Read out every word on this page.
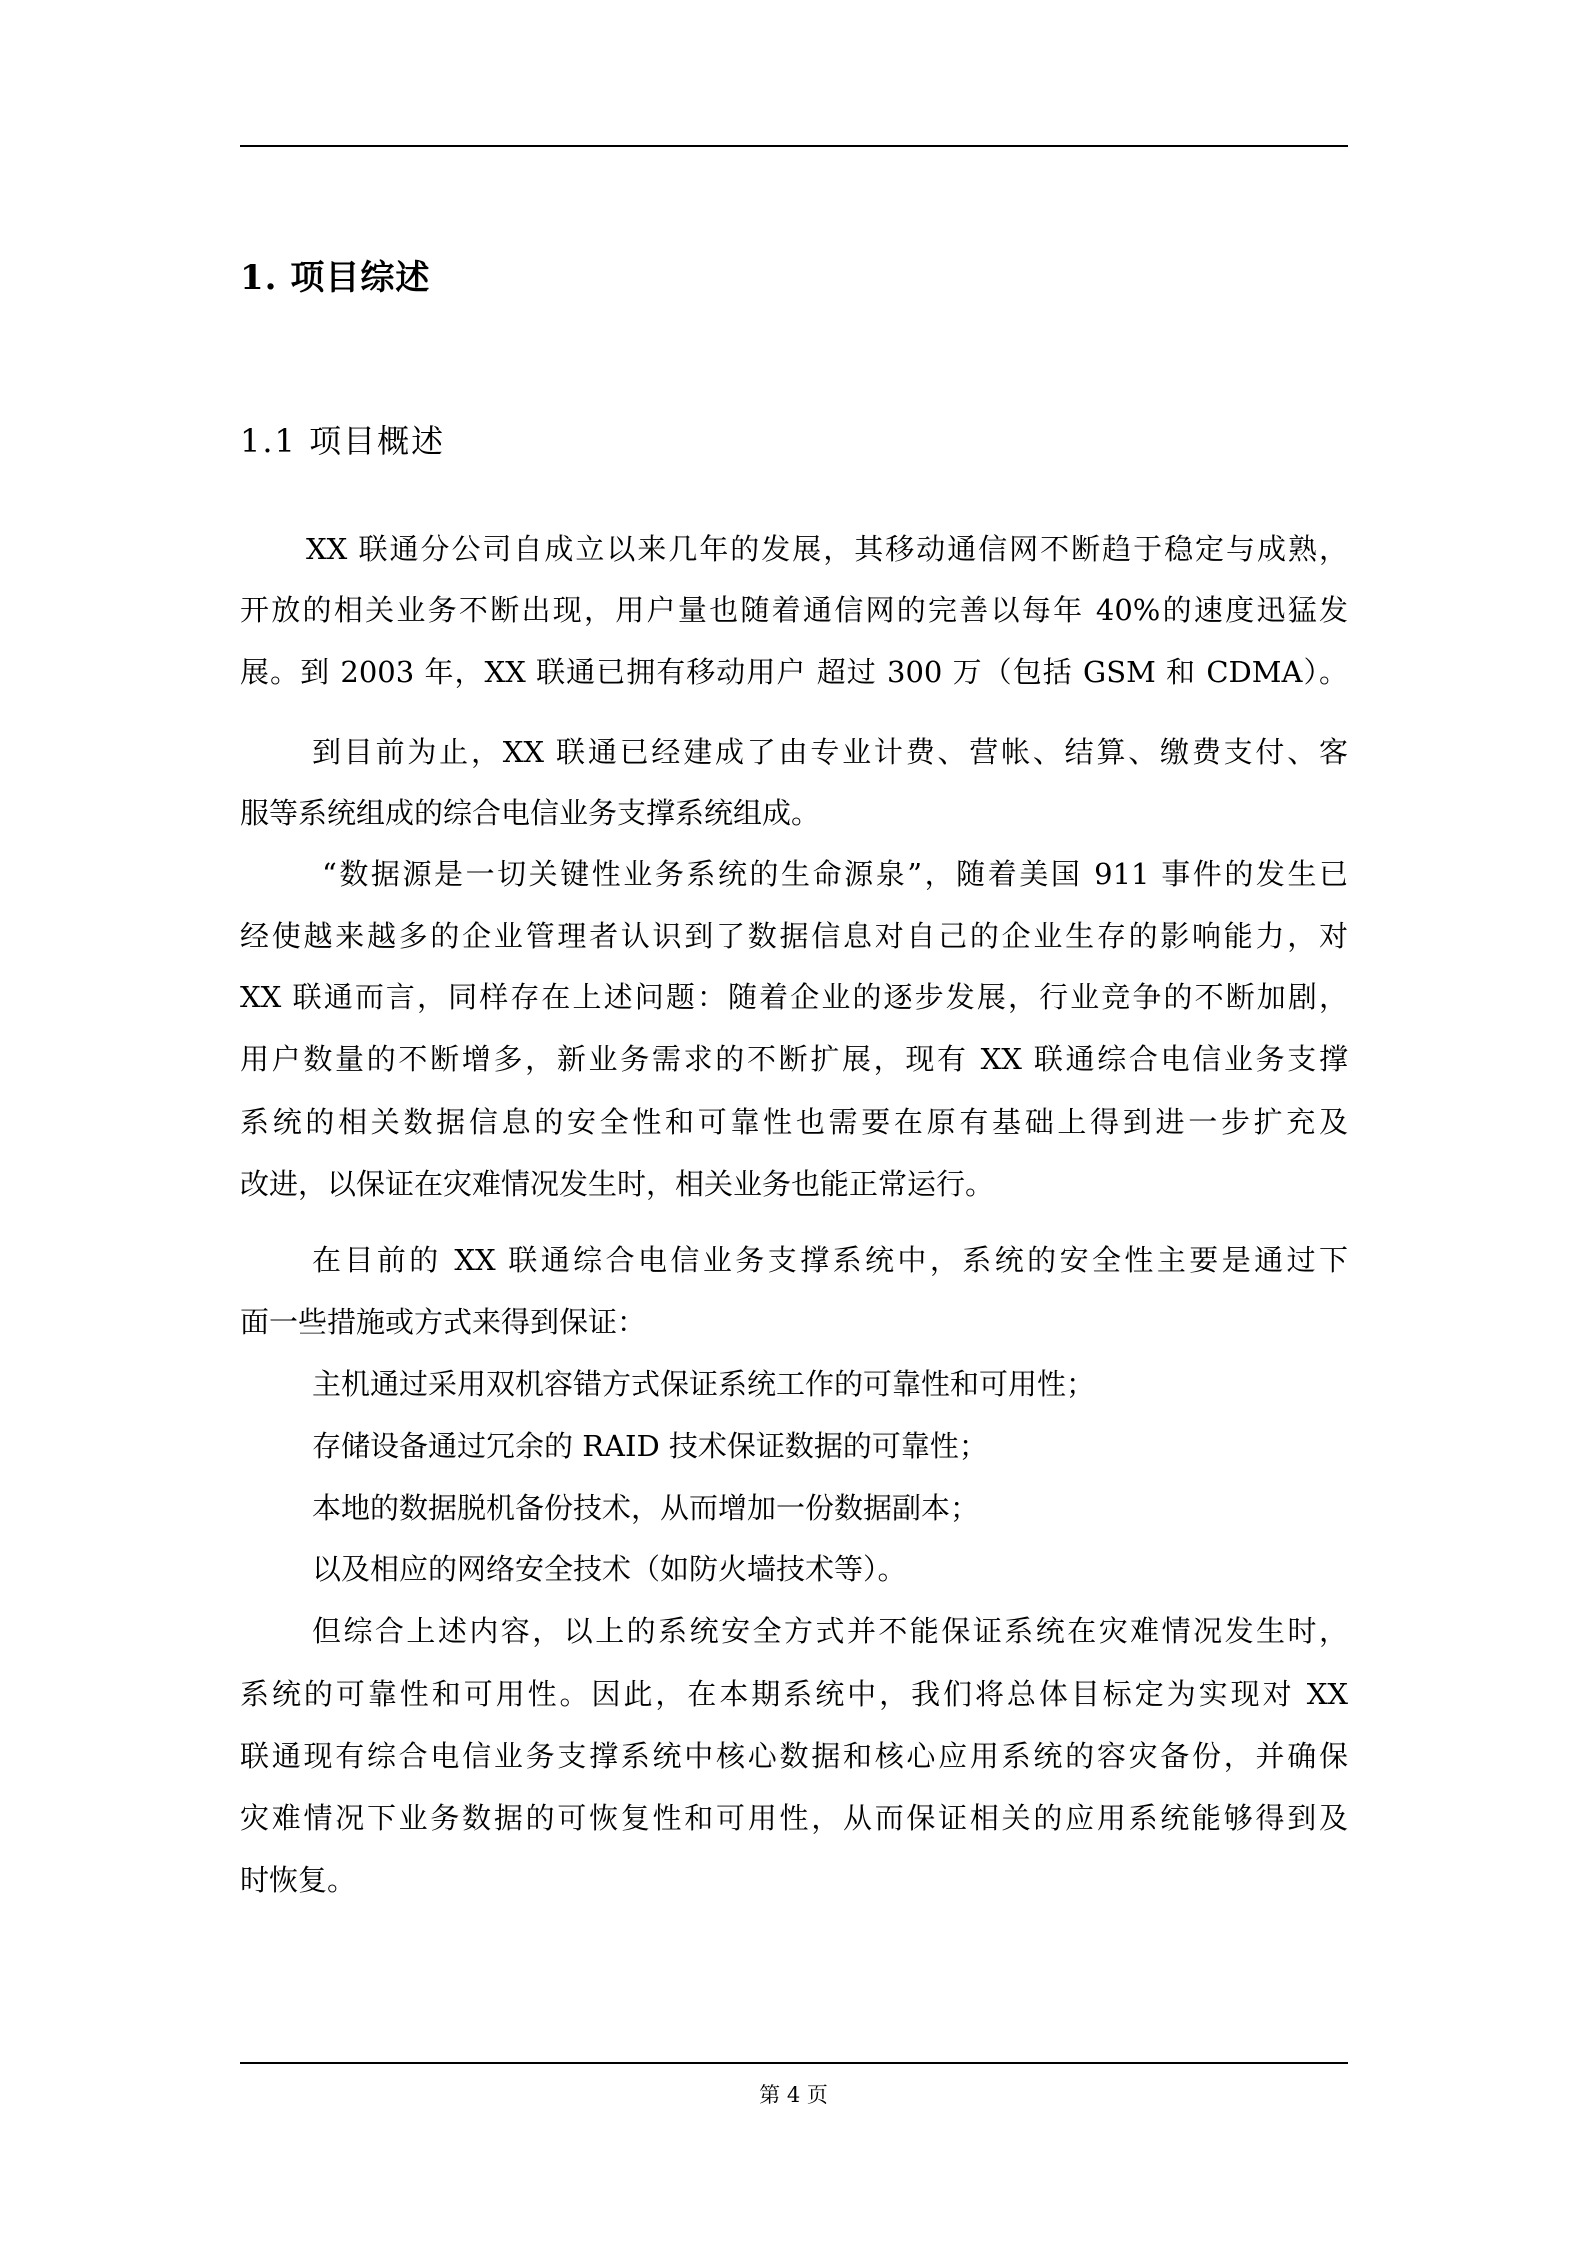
1. 项目综述
1.1 项目概述
XX 联通分公司自成立以来几年的发展，其移动通信网不断趋于稳定与成熟，
开放的相关业务不断出现，用户量也随着通信网的完善以每年 40%的速度迅猛发
展。到 2003 年，XX 联通已拥有移动用户 超过 300 万（包括 GSM 和 CDMA）。
到目前为止，XX 联通已经建成了由专业计费、营帐、结算、缴费支付、客
服等系统组成的综合电信业务支撑系统组成。
“数据源是一切关键性业务系统的生命源泉”，随着美国 911 事件的发生已
经使越来越多的企业管理者认识到了数据信息对自己的企业生存的影响能力，对
XX 联通而言，同样存在上述问题：随着企业的逐步发展，行业竞争的不断加剧，
用户数量的不断增多，新业务需求的不断扩展，现有 XX 联通综合电信业务支撑
系统的相关数据信息的安全性和可靠性也需要在原有基础上得到进一步扩充及
改进，以保证在灾难情况发生时，相关业务也能正常运行。
在目前的 XX 联通综合电信业务支撑系统中，系统的安全性主要是通过下
面一些措施或方式来得到保证：
主机通过采用双机容错方式保证系统工作的可靠性和可用性；
存储设备通过冗余的 RAID 技术保证数据的可靠性；
本地的数据脱机备份技术，从而增加一份数据副本；
以及相应的网络安全技术（如防火墙技术等）。
但综合上述内容，以上的系统安全方式并不能保证系统在灾难情况发生时，
系统的可靠性和可用性。因此，在本期系统中，我们将总体目标定为实现对 XX
联通现有综合电信业务支撑系统中核心数据和核心应用系统的容灾备份，并确保
灾难情况下业务数据的可恢复性和可用性，从而保证相关的应用系统能够得到及
时恢复。
第 4 页
